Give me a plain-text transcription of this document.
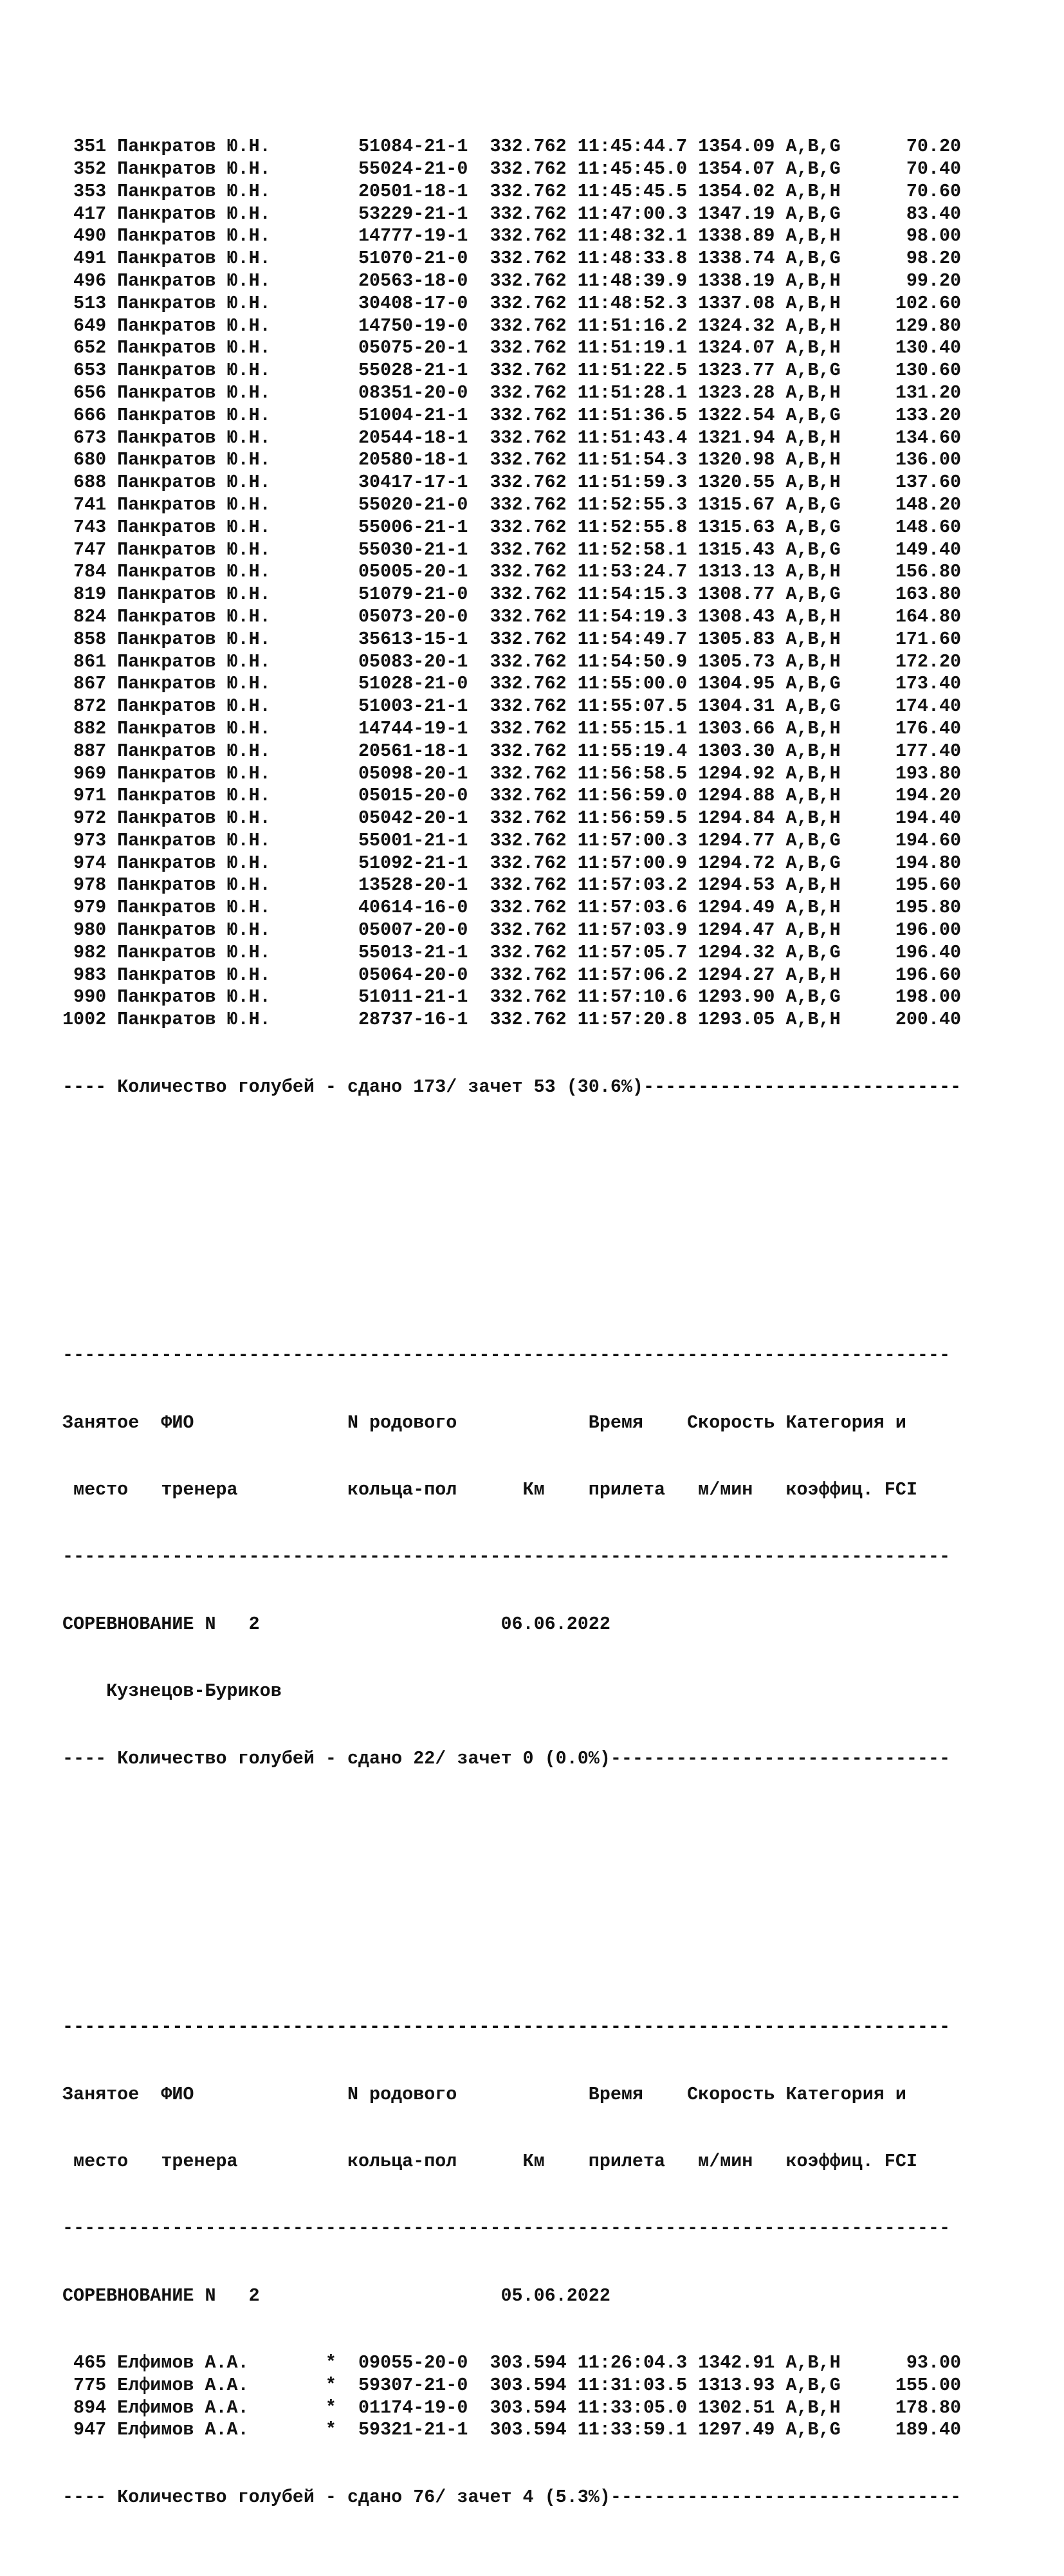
351 Панкратов Ю.Н.        51084-21-1  332.762 11:45:44.7 1354.09 A,B,G      70.20
352 Панкратов Ю.Н.        55024-21-0  332.762 11:45:45.0 1354.07 A,B,G      70.40
353 Панкратов Ю.Н.        20501-18-1  332.762 11:45:45.5 1354.02 A,B,H      70.60
417 Панкратов Ю.Н.        53229-21-1  332.762 11:47:00.3 1347.19 A,B,G      83.40
490 Панкратов Ю.Н.        14777-19-1  332.762 11:48:32.1 1338.89 A,B,H      98.00
491 Панкратов Ю.Н.        51070-21-0  332.762 11:48:33.8 1338.74 A,B,G      98.20
496 Панкратов Ю.Н.        20563-18-0  332.762 11:48:39.9 1338.19 A,B,H      99.20
513 Панкратов Ю.Н.        30408-17-0  332.762 11:48:52.3 1337.08 A,B,H     102.60
649 Панкратов Ю.Н.        14750-19-0  332.762 11:51:16.2 1324.32 A,B,H     129.80
652 Панкратов Ю.Н.        05075-20-1  332.762 11:51:19.1 1324.07 A,B,H     130.40
653 Панкратов Ю.Н.        55028-21-1  332.762 11:51:22.5 1323.77 A,B,G     130.60
656 Панкратов Ю.Н.        08351-20-0  332.762 11:51:28.1 1323.28 A,B,H     131.20
666 Панкратов Ю.Н.        51004-21-1  332.762 11:51:36.5 1322.54 A,B,G     133.20
673 Панкратов Ю.Н.        20544-18-1  332.762 11:51:43.4 1321.94 A,B,H     134.60
680 Панкратов Ю.Н.        20580-18-1  332.762 11:51:54.3 1320.98 A,B,H     136.00
688 Панкратов Ю.Н.        30417-17-1  332.762 11:51:59.3 1320.55 A,B,H     137.60
741 Панкратов Ю.Н.        55020-21-0  332.762 11:52:55.3 1315.67 A,B,G     148.20
743 Панкратов Ю.Н.        55006-21-1  332.762 11:52:55.8 1315.63 A,B,G     148.60
747 Панкратов Ю.Н.        55030-21-1  332.762 11:52:58.1 1315.43 A,B,G     149.40
784 Панкратов Ю.Н.        05005-20-1  332.762 11:53:24.7 1313.13 A,B,H     156.80
819 Панкратов Ю.Н.        51079-21-0  332.762 11:54:15.3 1308.77 A,B,G     163.80
824 Панкратов Ю.Н.        05073-20-0  332.762 11:54:19.3 1308.43 A,B,H     164.80
858 Панкратов Ю.Н.        35613-15-1  332.762 11:54:49.7 1305.83 A,B,H     171.60
861 Панкратов Ю.Н.        05083-20-1  332.762 11:54:50.9 1305.73 A,B,H     172.20
867 Панкратов Ю.Н.        51028-21-0  332.762 11:55:00.0 1304.95 A,B,G     173.40
872 Панкратов Ю.Н.        51003-21-1  332.762 11:55:07.5 1304.31 A,B,G     174.40
882 Панкратов Ю.Н.        14744-19-1  332.762 11:55:15.1 1303.66 A,B,H     176.40
887 Панкратов Ю.Н.        20561-18-1  332.762 11:55:19.4 1303.30 A,B,H     177.40
969 Панкратов Ю.Н.        05098-20-1  332.762 11:56:58.5 1294.92 A,B,H     193.80
971 Панкратов Ю.Н.        05015-20-0  332.762 11:56:59.0 1294.88 A,B,H     194.20
972 Панкратов Ю.Н.        05042-20-1  332.762 11:56:59.5 1294.84 A,B,H     194.40
973 Панкратов Ю.Н.        55001-21-1  332.762 11:57:00.3 1294.77 A,B,G     194.60
974 Панкратов Ю.Н.        51092-21-1  332.762 11:57:00.9 1294.72 A,B,G     194.80
978 Панкратов Ю.Н.        13528-20-1  332.762 11:57:03.2 1294.53 A,B,H     195.60
979 Панкратов Ю.Н.        40614-16-0  332.762 11:57:03.6 1294.49 A,B,H     195.80
980 Панкратов Ю.Н.        05007-20-0  332.762 11:57:03.9 1294.47 A,B,H     196.00
982 Панкратов Ю.Н.        55013-21-1  332.762 11:57:05.7 1294.32 A,B,G     196.40
983 Панкратов Ю.Н.        05064-20-0  332.762 11:57:06.2 1294.27 A,B,H     196.60
990 Панкратов Ю.Н.        51011-21-1  332.762 11:57:10.6 1293.90 A,B,G     198.00
1002 Панкратов Ю.Н.        28737-16-1  332.762 11:57:20.8 1293.05 A,B,H     200.40

---- Количество голубей - сдано 173/ зачет 53 (30.6%)-----------------------------

---------------------------------------------------------------------------------

Занятое  ФИО              N родового            Время    Скорость Категория и

место   тренера          кольца-пол      Км    прилета   м/мин   коэффиц. FCI

---------------------------------------------------------------------------------

СОРЕВНОВАНИЕ N   2                      06.06.2022

Кузнецов-Буриков

---- Количество голубей - сдано 22/ зачет 0 (0.0%)-------------------------------

---------------------------------------------------------------------------------

Занятое  ФИО              N родового            Время    Скорость Категория и

место   тренера          кольца-пол      Км    прилета   м/мин   коэффиц. FCI

---------------------------------------------------------------------------------

СОРЕВНОВАНИЕ N   2                      05.06.2022

465 Елфимов А.А.       *  09055-20-0  303.594 11:26:04.3 1342.91 A,B,H      93.00
775 Елфимов А.А.       *  59307-21-0  303.594 11:31:03.5 1313.93 A,B,G     155.00
894 Елфимов А.А.       *  01174-19-0  303.594 11:33:05.0 1302.51 A,B,H     178.80
947 Елфимов А.А.       *  59321-21-1  303.594 11:33:59.1 1297.49 A,B,G     189.40

---- Количество голубей - сдано 76/ зачет 4 (5.3%)--------------------------------
